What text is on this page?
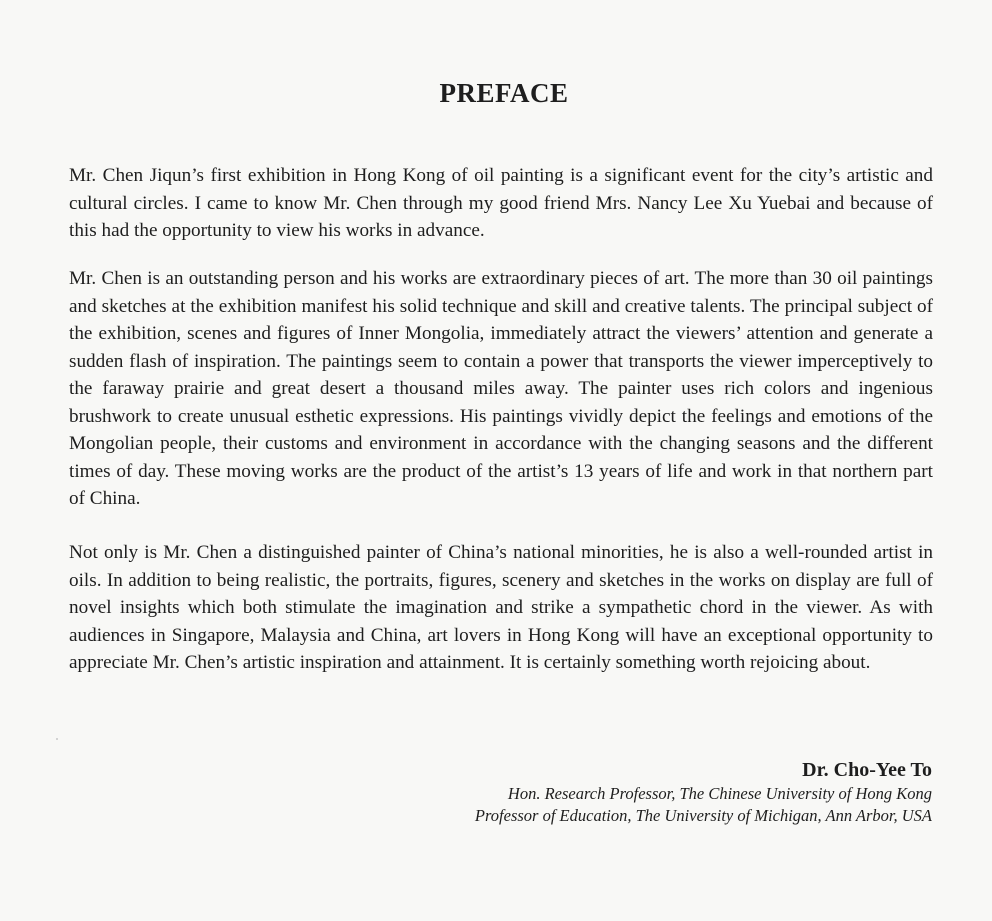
PREFACE

Mr. Chen Jiqun’s first exhibition in Hong Kong of oil painting is a significant event for the city’s artistic and cultural circles. I came to know Mr. Chen through my good friend Mrs. Nancy Lee Xu Yuebai and because of this had the opportunity to view his works in advance.

Mr. Chen is an outstanding person and his works are extraordinary pieces of art. The more than 30 oil paintings and sketches at the exhibition manifest his solid technique and skill and creative talents. The principal subject of the exhibition, scenes and figures of Inner Mongolia, immediately attract the viewers’ attention and generate a sudden flash of inspiration. The paintings seem to contain a power that transports the viewer imperceptively to the faraway prairie and great desert a thousand miles away. The painter uses rich colors and ingenious brushwork to create unusual esthetic expressions. His paintings vividly depict the feelings and emotions of the Mongolian people, their customs and environment in accordance with the changing seasons and the different times of day. These moving works are the product of the artist’s 13 years of life and work in that northern part of China.

Not only is Mr. Chen a distinguished painter of China’s national minorities, he is also a well-rounded artist in oils. In addition to being realistic, the portraits, figures, scenery and sketches in the works on display are full of novel insights which both stimulate the imagination and strike a sympathetic chord in the viewer. As with audiences in Singapore, Malaysia and China, art lovers in Hong Kong will have an exceptional opportunity to appreciate Mr. Chen’s artistic inspiration and attainment. It is certainly something worth rejoicing about.

Dr. Cho-Yee To

Hon. Research Professor, The Chinese University of Hong Kong

Professor of Education, The University of Michigan, Ann Arbor, USA
